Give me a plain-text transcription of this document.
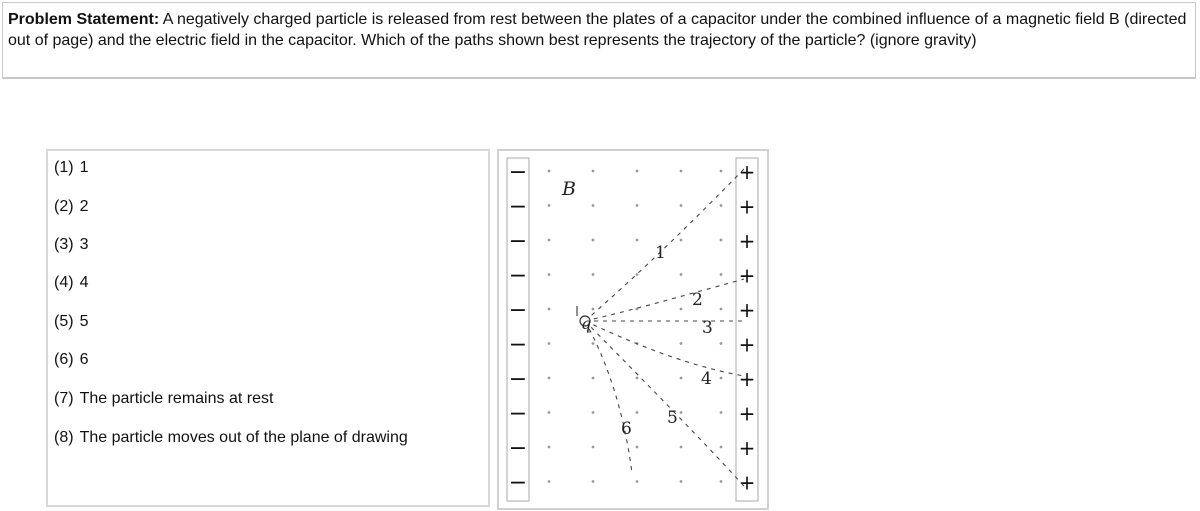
Problem Statement: A negatively charged particle is released from rest between the plates of a capacitor under the combined influence of a magnetic field B (directed out of page) and the electric field in the capacitor. Which of the paths shown best represents the trajectory of the particle? (ignore gravity)
(1) 1
(2) 2
(3) 3
(4) 4
(5) 5
(6) 6
(7) The particle remains at rest
(8) The particle moves out of the plane of drawing
−	+
−	+
−	+
−	+
−	+
−	+
−	+
−	+
−	+
−	+
q
B
1
2
3
4
5
6
